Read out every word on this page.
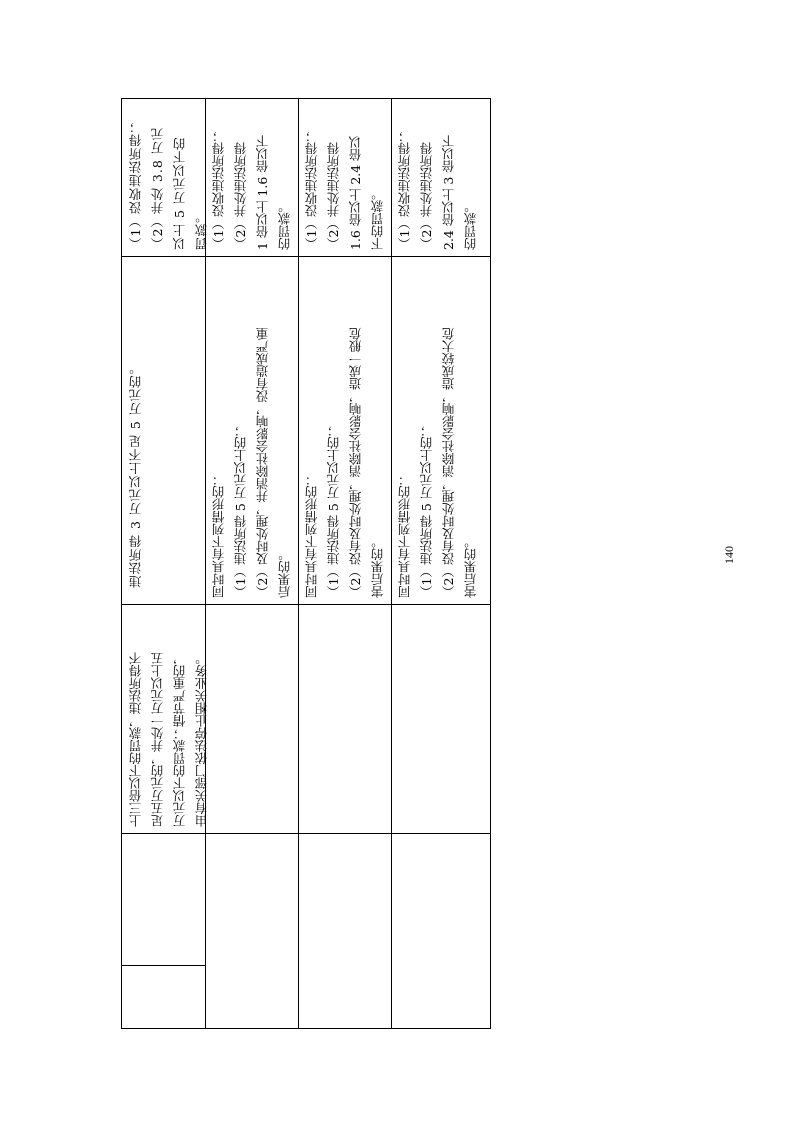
上三倍以下的罚款，违法所得不 足五万元的，并处一万元以上五 万元以下的罚款；情节严重的， 由有关部门依法停止相关业务。
违法所得 3 万元以上不足 5 万元的。
（1）没收违法所得； （2）并处 3.8 万元 以上 5 万元以下的 罚款。
同时具有下列情形的： （1）违法所得 5 万元以上的； （2）及时处理，并消除社会影响，没有造成严重 后果的。
（1）没收违法所得； （2）并处违法所得 1 倍以上 1.6 倍以下 的罚款。
同时具有下列情形的： （1）违法所得 5 万元以上的； （2）没有及时处理，消除社会影响，造成一般危 害后果的。
（1）没收违法所得； （2）并处违法所得 1.6 倍以上 2.4 倍以 下的罚款。
同时具有下列情形的： （1）违法所得 5 万元以上的； （2）没有及时处理，消除社会影响，造成较大危 害后果的。
（1）没收违法所得； （2）并处违法所得 2.4 倍以上 3 倍以下 的罚款。
140
